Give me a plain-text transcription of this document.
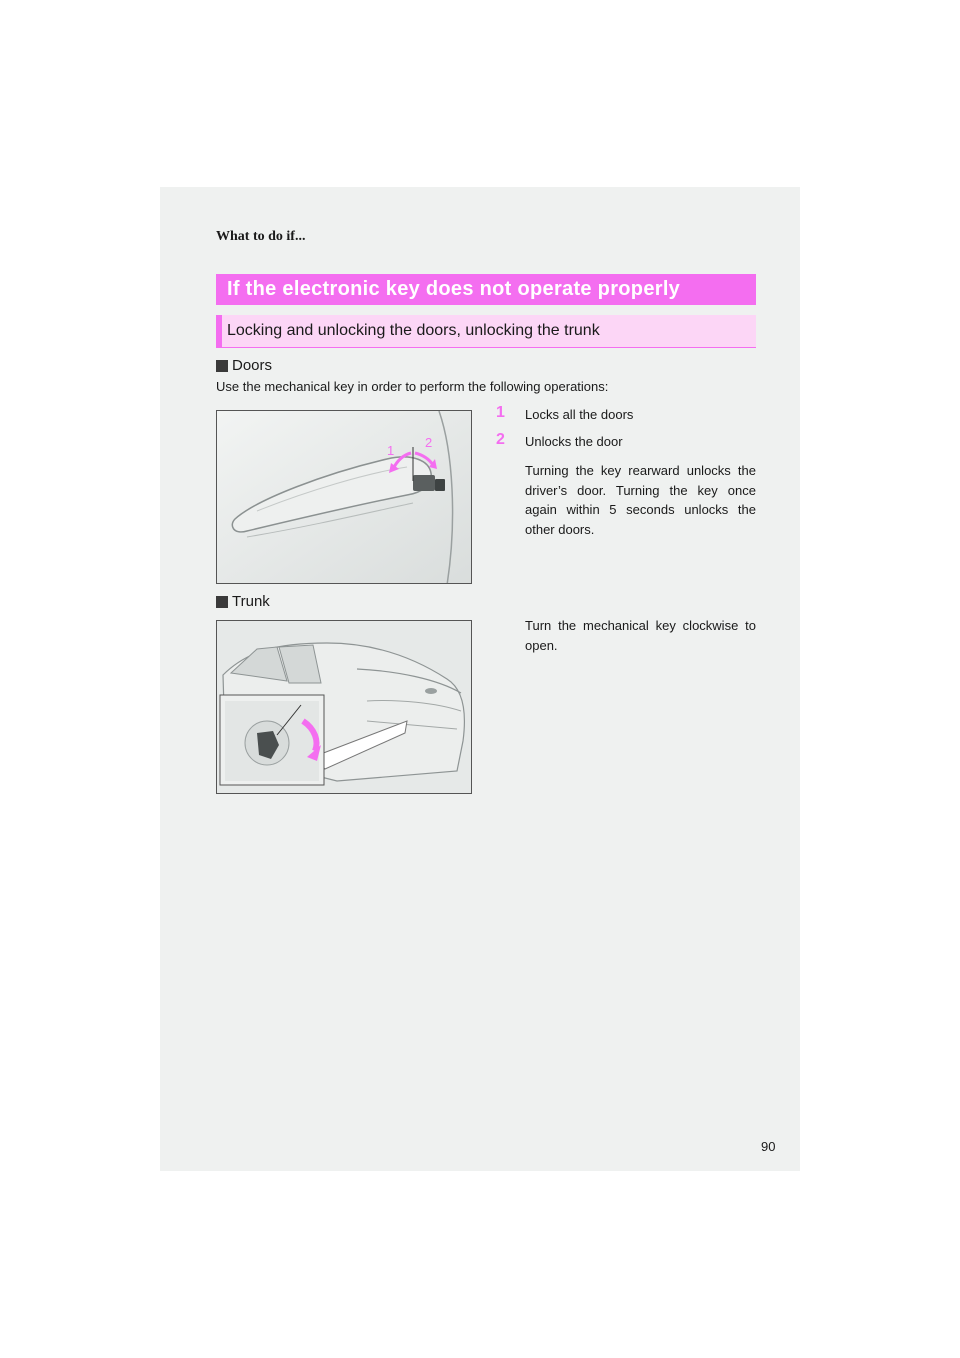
What to do if...
If the electronic key does not operate properly
Locking and unlocking the doors, unlocking the trunk
Doors
Use the mechanical key in order to perform the following operations:
1
2
1 Locks all the doors
2 Unlocks the door
Turning the key rearward unlocks the driver’s door. Turning the key once again within 5 seconds unlocks the other doors.
Trunk
Turn the mechanical key clockwise to open.
90
